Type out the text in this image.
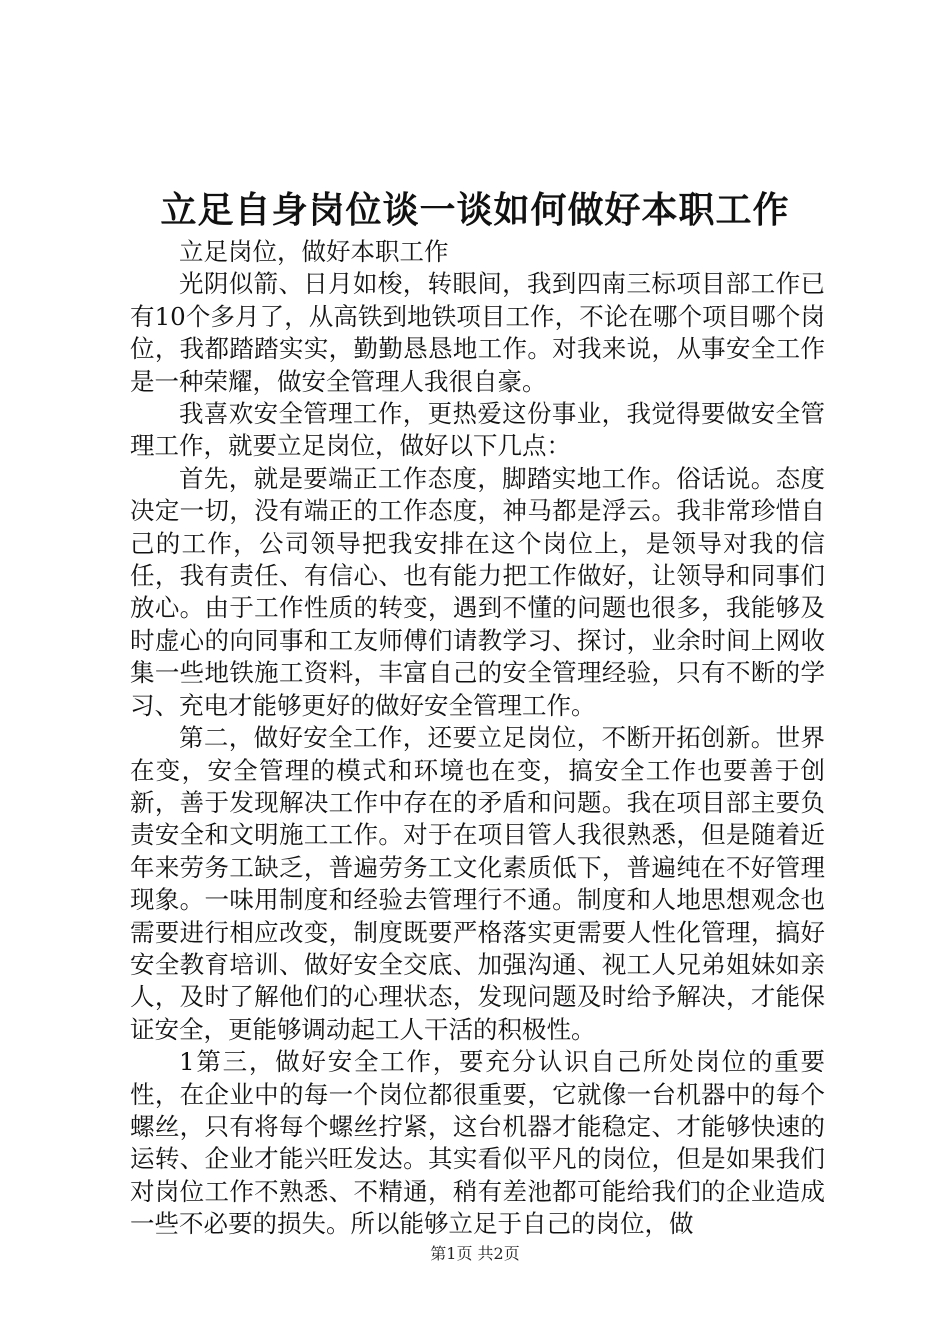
立足自身岗位谈一谈如何做好本职工作

立足岗位，做好本职工作

光阴似箭、日月如梭，转眼间，我到四南三标项目部工作已有10个多月了，从高铁到地铁项目工作，不论在哪个项目哪个岗位，我都踏踏实实，勤勤恳恳地工作。对我来说，从事安全工作是一种荣耀，做安全管理人我很自豪。

我喜欢安全管理工作，更热爱这份事业，我觉得要做安全管理工作，就要立足岗位，做好以下几点：

首先，就是要端正工作态度，脚踏实地工作。俗话说。态度决定一切，没有端正的工作态度，神马都是浮云。我非常珍惜自己的工作，公司领导把我安排在这个岗位上，是领导对我的信任，我有责任、有信心、也有能力把工作做好，让领导和同事们放心。由于工作性质的转变，遇到不懂的问题也很多，我能够及时虚心的向同事和工友师傅们请教学习、探讨，业余时间上网收集一些地铁施工资料，丰富自己的安全管理经验，只有不断的学习、充电才能够更好的做好安全管理工作。

第二，做好安全工作，还要立足岗位，不断开拓创新。世界在变，安全管理的模式和环境也在变，搞安全工作也要善于创新，善于发现解决工作中存在的矛盾和问题。我在项目部主要负责安全和文明施工工作。对于在项目管人我很熟悉，但是随着近年来劳务工缺乏，普遍劳务工文化素质低下，普遍纯在不好管理现象。一味用制度和经验去管理行不通。制度和人地思想观念也需要进行相应改变，制度既要严格落实更需要人性化管理，搞好安全教育培训、做好安全交底、加强沟通、视工人兄弟姐妹如亲人，及时了解他们的心理状态，发现问题及时给予解决，才能保证安全，更能够调动起工人干活的积极性。

1第三，做好安全工作，要充分认识自己所处岗位的重要性，在企业中的每一个岗位都很重要，它就像一台机器中的每个螺丝，只有将每个螺丝拧紧，这台机器才能稳定、才能够快速的运转、企业才能兴旺发达。其实看似平凡的岗位，但是如果我们对岗位工作不熟悉、不精通，稍有差池都可能给我们的企业造成一些不必要的损失。所以能够立足于自己的岗位，做

第1页 共2页
